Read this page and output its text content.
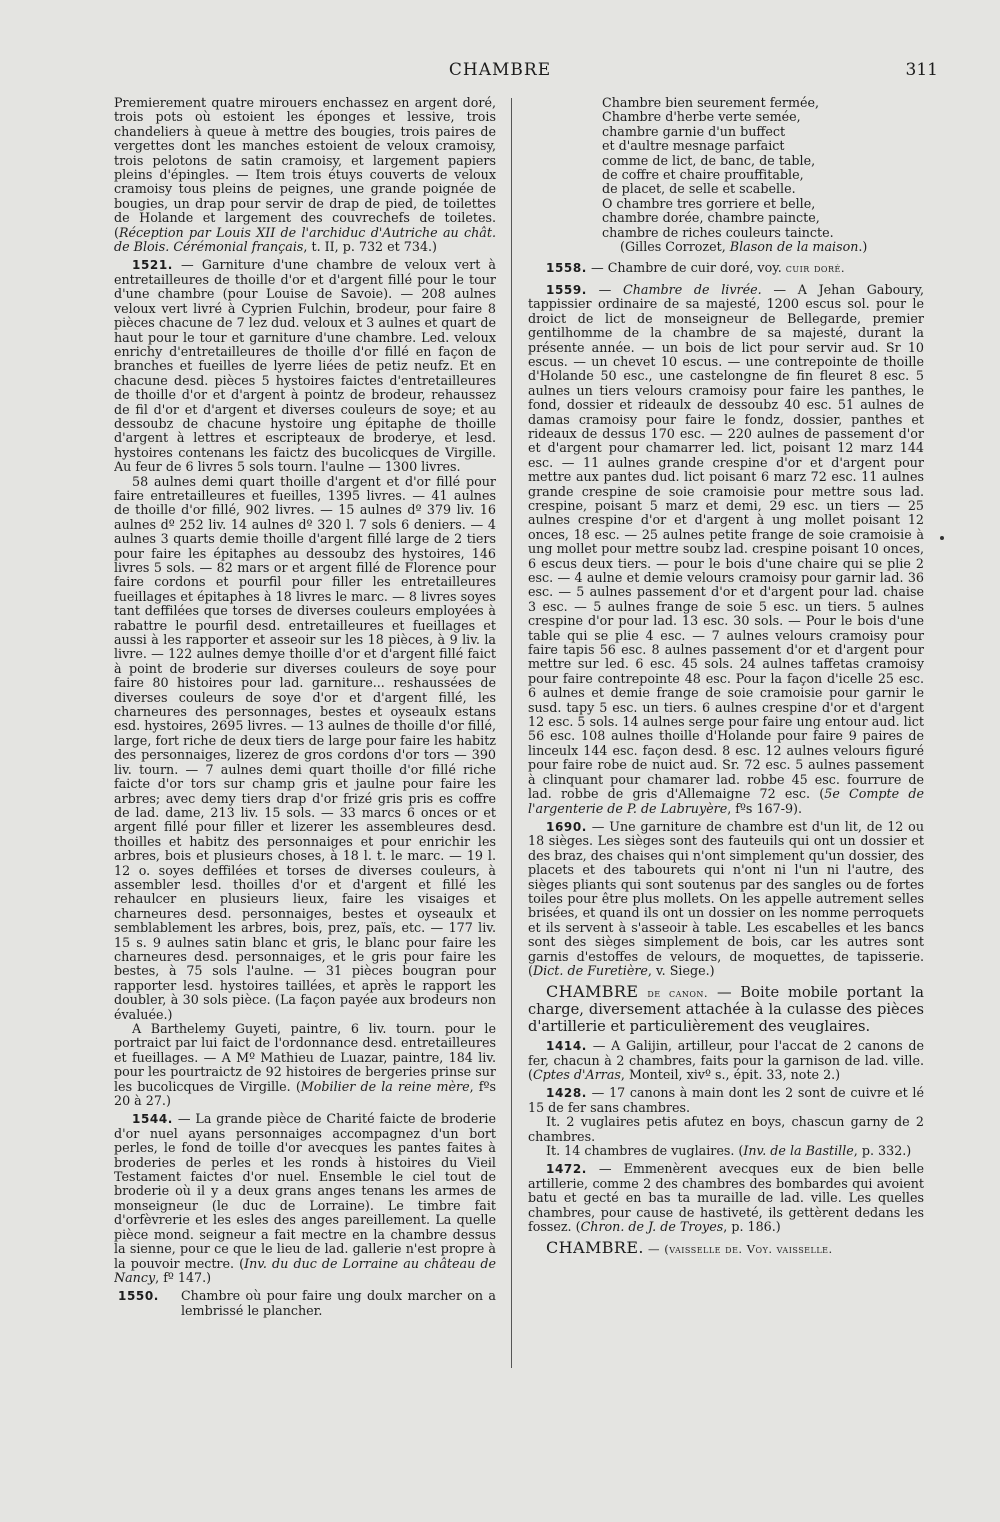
CHAMBRE	311

Premierement quatre mirouers enchassez en argent doré, trois pots où estoient les éponges et lessive, trois chandeliers à queue à mettre des bougies, trois paires de vergettes dont les manches estoient de veloux cramoisy, trois pelotons de satin cramoisy, et largement papiers pleins d'épingles. — Item trois étuys couverts de veloux cramoisy tous pleins de peignes, une grande poignée de bougies, un drap pour servir de drap de pied, de toilettes de Holande et largement des couvrechefs de toiletes. (Réception par Louis XII de l'archiduc d'Autriche au chât. de Blois. Cérémonial français, t. II, p. 732 et 734.)

1521. — Garniture d'une chambre de veloux vert à entretailleures de thoille d'or et d'argent fillé pour le tour d'une chambre (pour Louise de Savoie). — 208 aulnes veloux vert livré à Cyprien Fulchin, brodeur, pour faire 8 pièces chacune de 7 lez dud. veloux et 3 aulnes et quart de haut pour le tour et garniture d'une chambre. Led. veloux enrichy d'entretailleures de thoille d'or fillé en façon de branches et fueilles de lyerre liées de petiz neufz. Et en chacune desd. pièces 5 hystoires faictes d'entretailleures de thoille d'or et d'argent à pointz de brodeur, rehaussez de fil d'or et d'argent et diverses couleurs de soye; et au dessoubz de chacune hystoire ung épitaphe de thoille d'argent à lettres et escripteaux de broderye, et lesd. hystoires contenans les faictz des bucolicques de Virgille. Au feur de 6 livres 5 sols tourn. l'aulne — 1300 livres.

58 aulnes demi quart thoille d'argent et d'or fillé pour faire entretailleures et fueilles, 1395 livres. — 41 aulnes de thoille d'or fillé, 902 livres. — 15 aulnes dº 379 liv. 16 aulnes dº 252 liv. 14 aulnes dº 320 l. 7 sols 6 deniers. — 4 aulnes 3 quarts demie thoille d'argent fillé large de 2 tiers pour faire les épitaphes au dessoubz des hystoires, 146 livres 5 sols. — 82 mars or et argent fillé de Florence pour faire cordons et pourfil pour filler les entretailleures fueillages et épitaphes à 18 livres le marc. — 8 livres soyes tant deffilées que torses de diverses couleurs employées à rabattre le pourfil desd. entretailleures et fueillages et aussi à les rapporter et asseoir sur les 18 pièces, à 9 liv. la livre. — 122 aulnes demye thoille d'or et d'argent fillé faict à point de broderie sur diverses couleurs de soye pour faire 80 histoires pour lad. garniture... reshaussées de diverses couleurs de soye d'or et d'argent fillé, les charneures des personnages, bestes et oyseaulx estans esd. hystoires, 2695 livres. — 13 aulnes de thoille d'or fillé, large, fort riche de deux tiers de large pour faire les habitz des personnaiges, lizerez de gros cordons d'or tors — 390 liv. tourn. — 7 aulnes demi quart thoille d'or fillé riche faicte d'or tors sur champ gris et jaulne pour faire les arbres; avec demy tiers drap d'or frizé gris pris es coffre de lad. dame, 213 liv. 15 sols. — 33 marcs 6 onces or et argent fillé pour filler et lizerer les assembleures desd. thoilles et habitz des personnaiges et pour enrichir les arbres, bois et plusieurs choses, à 18 l. t. le marc. — 19 l. 12 o. soyes deffilées et torses de diverses couleurs, à assembler lesd. thoilles d'or et d'argent et fillé les rehaulcer en plusieurs lieux, faire les visaiges et charneures desd. personnaiges, bestes et oyseaulx et semblablement les arbres, bois, prez, païs, etc. — 177 liv. 15 s. 9 aulnes satin blanc et gris, le blanc pour faire les charneures desd. personnaiges, et le gris pour faire les bestes, à 75 sols l'aulne. — 31 pièces bougran pour rapporter lesd. hystoires taillées, et après le rapport les doubler, à 30 sols pièce. (La façon payée aux brodeurs non évaluée.)

A Barthelemy Guyeti, paintre, 6 liv. tourn. pour le portraict par lui faict de l'ordonnance desd. entretailleures et fueillages. — A Mº Mathieu de Luazar, paintre, 184 liv. pour les pourtraictz de 92 histoires de bergeries prinse sur les bucolicques de Virgille. (Mobilier de la reine mère, fºs 20 à 27.)

1544. — La grande pièce de Charité faicte de broderie d'or nuel ayans personnaiges accompagnez d'un bort perles, le fond de toille d'or avecques les pantes faites à broderies de perles et les ronds à histoires du Vieil Testament faictes d'or nuel. Ensemble le ciel tout de broderie où il y a deux grans anges tenans les armes de monseigneur (le duc de Lorraine). Le timbre fait d'orfèvrerie et les esles des anges pareillement. La quelle pièce mond. seigneur a fait mectre en la chambre dessus la sienne, pour ce que le lieu de lad. gallerie n'est propre à la pouvoir mectre. (Inv. du duc de Lorraine au château de Nancy, fº 147.)

1550. Chambre où pour faire ung doulx marcher on a lembrissé le plancher.

Chambre bien seurement fermée,
Chambre d'herbe verte semée,
chambre garnie d'un buffect
et d'aultre mesnage parfaict
comme de lict, de banc, de table,
de coffre et chaire prouffitable,
de placet, de selle et scabelle.
O chambre tres gorriere et belle,
chambre dorée, chambre paincte,
chambre de riches couleurs taincte.
(Gilles Corrozet, Blason de la maison.)

1558. — Chambre de cuir doré, voy. cuir doré.

1559. — Chambre de livrée. — A Jehan Gaboury, tappissier ordinaire de sa majesté, 1200 escus sol. pour le droict de lict de monseigneur de Bellegarde, premier gentilhomme de la chambre de sa majesté, durant la présente année. — un bois de lict pour servir aud. Sr 10 escus. — un chevet 10 escus. — une contrepointe de thoille d'Holande 50 esc., une castelongne de fin fleuret 8 esc. 5 aulnes un tiers velours cramoisy pour faire les panthes, le fond, dossier et rideaulx de dessoubz 40 esc. 51 aulnes de damas cramoisy pour faire le fondz, dossier, panthes et rideaux de dessus 170 esc. — 220 aulnes de passement d'or et d'argent pour chamarrer led. lict, poisant 12 marz 144 esc. — 11 aulnes grande crespine d'or et d'argent pour mettre aux pantes dud. lict poisant 6 marz 72 esc. 11 aulnes grande crespine de soie cramoisie pour mettre sous lad. crespine, poisant 5 marz et demi, 29 esc. un tiers — 25 aulnes crespine d'or et d'argent à ung mollet poisant 12 onces, 18 esc. — 25 aulnes petite frange de soie cramoisie à ung mollet pour mettre soubz lad. crespine poisant 10 onces, 6 escus deux tiers. — pour le bois d'une chaire qui se plie 2 esc. — 4 aulne et demie velours cramoisy pour garnir lad. 36 esc. — 5 aulnes passement d'or et d'argent pour lad. chaise 3 esc. — 5 aulnes frange de soie 5 esc. un tiers. 5 aulnes crespine d'or pour lad. 13 esc. 30 sols. — Pour le bois d'une table qui se plie 4 esc. — 7 aulnes velours cramoisy pour faire tapis 56 esc. 8 aulnes passement d'or et d'argent pour mettre sur led. 6 esc. 45 sols. 24 aulnes taffetas cramoisy pour faire contrepointe 48 esc. Pour la façon d'icelle 25 esc. 6 aulnes et demie frange de soie cramoisie pour garnir le susd. tapy 5 esc. un tiers. 6 aulnes crespine d'or et d'argent 12 esc. 5 sols. 14 aulnes serge pour faire ung entour aud. lict 56 esc. 108 aulnes thoille d'Holande pour faire 9 paires de linceulx 144 esc. façon desd. 8 esc. 12 aulnes velours figuré pour faire robe de nuict aud. Sr. 72 esc. 5 aulnes passement à clinquant pour chamarer lad. robbe 45 esc. fourrure de lad. robbe de gris d'Allemaigne 72 esc. (5e Compte de l'argenterie de P. de Labruyère, fºs 167-9).

1690. — Une garniture de chambre est d'un lit, de 12 ou 18 sièges. Les sièges sont des fauteuils qui ont un dossier et des braz, des chaises qui n'ont simplement qu'un dossier, des placets et des tabourets qui n'ont ni l'un ni l'autre, des sièges pliants qui sont soutenus par des sangles ou de fortes toiles pour être plus mollets. On les appelle autrement selles brisées, et quand ils ont un dossier on les nomme perroquets et ils servent à s'asseoir à table. Les escabelles et les bancs sont des sièges simplement de bois, car les autres sont garnis d'estoffes de velours, de moquettes, de tapisserie. (Dict. de Furetière, v. Siege.)

CHAMBRE de canon. — Boite mobile portant la charge, diversement attachée à la culasse des pièces d'artillerie et particulièrement des veuglaires.

1414. — A Galijin, artilleur, pour l'accat de 2 canons de fer, chacun à 2 chambres, faits pour la garnison de lad. ville. (Cptes d'Arras, Monteil, xivº s., épit. 33, note 2.)

1428. — 17 canons à main dont les 2 sont de cuivre et lé 15 de fer sans chambres.

It. 2 vuglaires petis afutez en boys, chascun garny de 2 chambres.

It. 14 chambres de vuglaires. (Inv. de la Bastille, p. 332.)

1472. — Emmenèrent avecques eux de bien belle artillerie, comme 2 des chambres des bombardes qui avoient batu et gecté en bas ta muraille de lad. ville. Les quelles chambres, pour cause de hastiveté, ils gettèrent dedans les fossez. (Chron. de J. de Troyes, p. 186.)

CHAMBRE. — (vaisselle de. Voy. vaisselle.
